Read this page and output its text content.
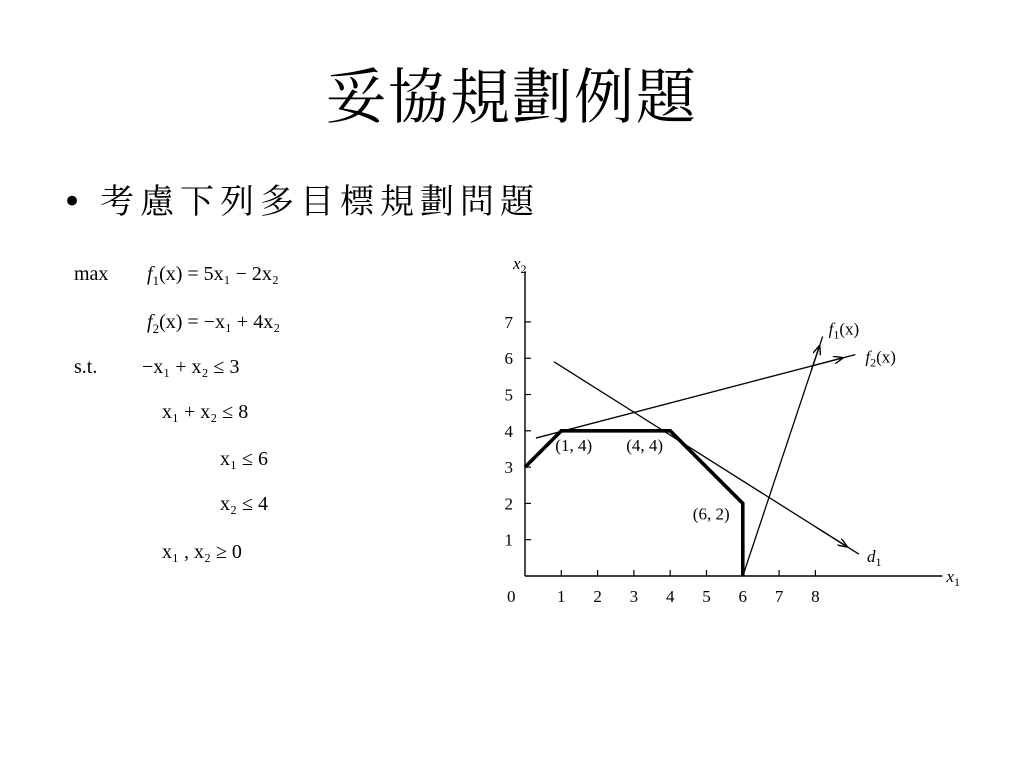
妥協規劃例題
• 考慮下列多目標規劃問題
$\max f_1(x) = 5x_1 - 2x_2$
$f_2(x) = -x_1 + 4x_2$
s.t. −x₁ + x₂ ≤ 3
x₁ + x₂ ≤ 8
x₁ ≤ 6
x₂ ≤ 4
x₁ , x₂ ≥ 0
$x_1$
$x_2$
0 1 2 3 4 5 6 7 8
1
2
3
4
5
6
7	$f_1(x)$
$f_2(x)$
$d_1$
(1, 4) (4, 4)
(6, 2)
